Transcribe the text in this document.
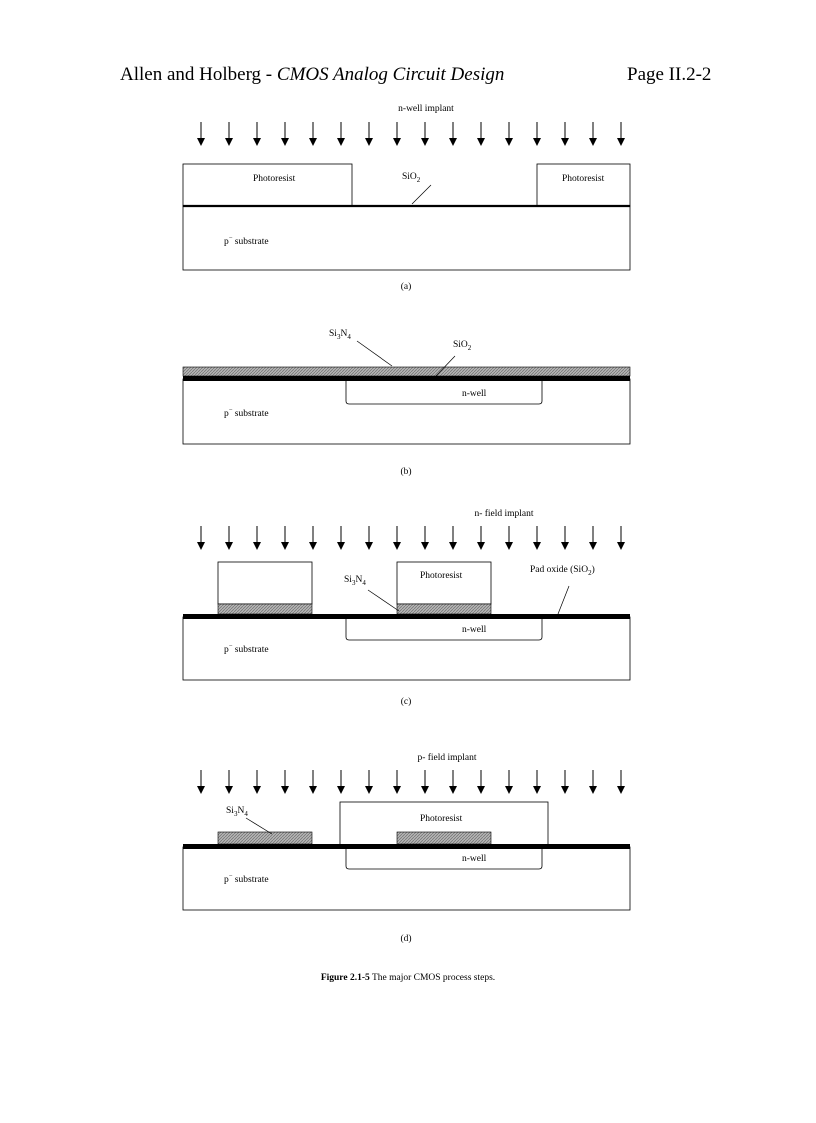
Allen and Holberg - CMOS Analog Circuit Design	Page II.2-2
n-well implant
Photoresist	Photoresist
SiO$_2$
p− substrate
(a)
n-well
$Si_3N_4$
SiO$_2$
p− substrate
(b)
n- field implant
n-well
Photoresist
$Si_3N_4$
Pad oxide (SiO$_2$)
p− substrate
(c)
p- field implant
n-well
Photoresist
$Si_3N_4$
p− substrate
(d)
Figure 2.1-5 The major CMOS process steps.
